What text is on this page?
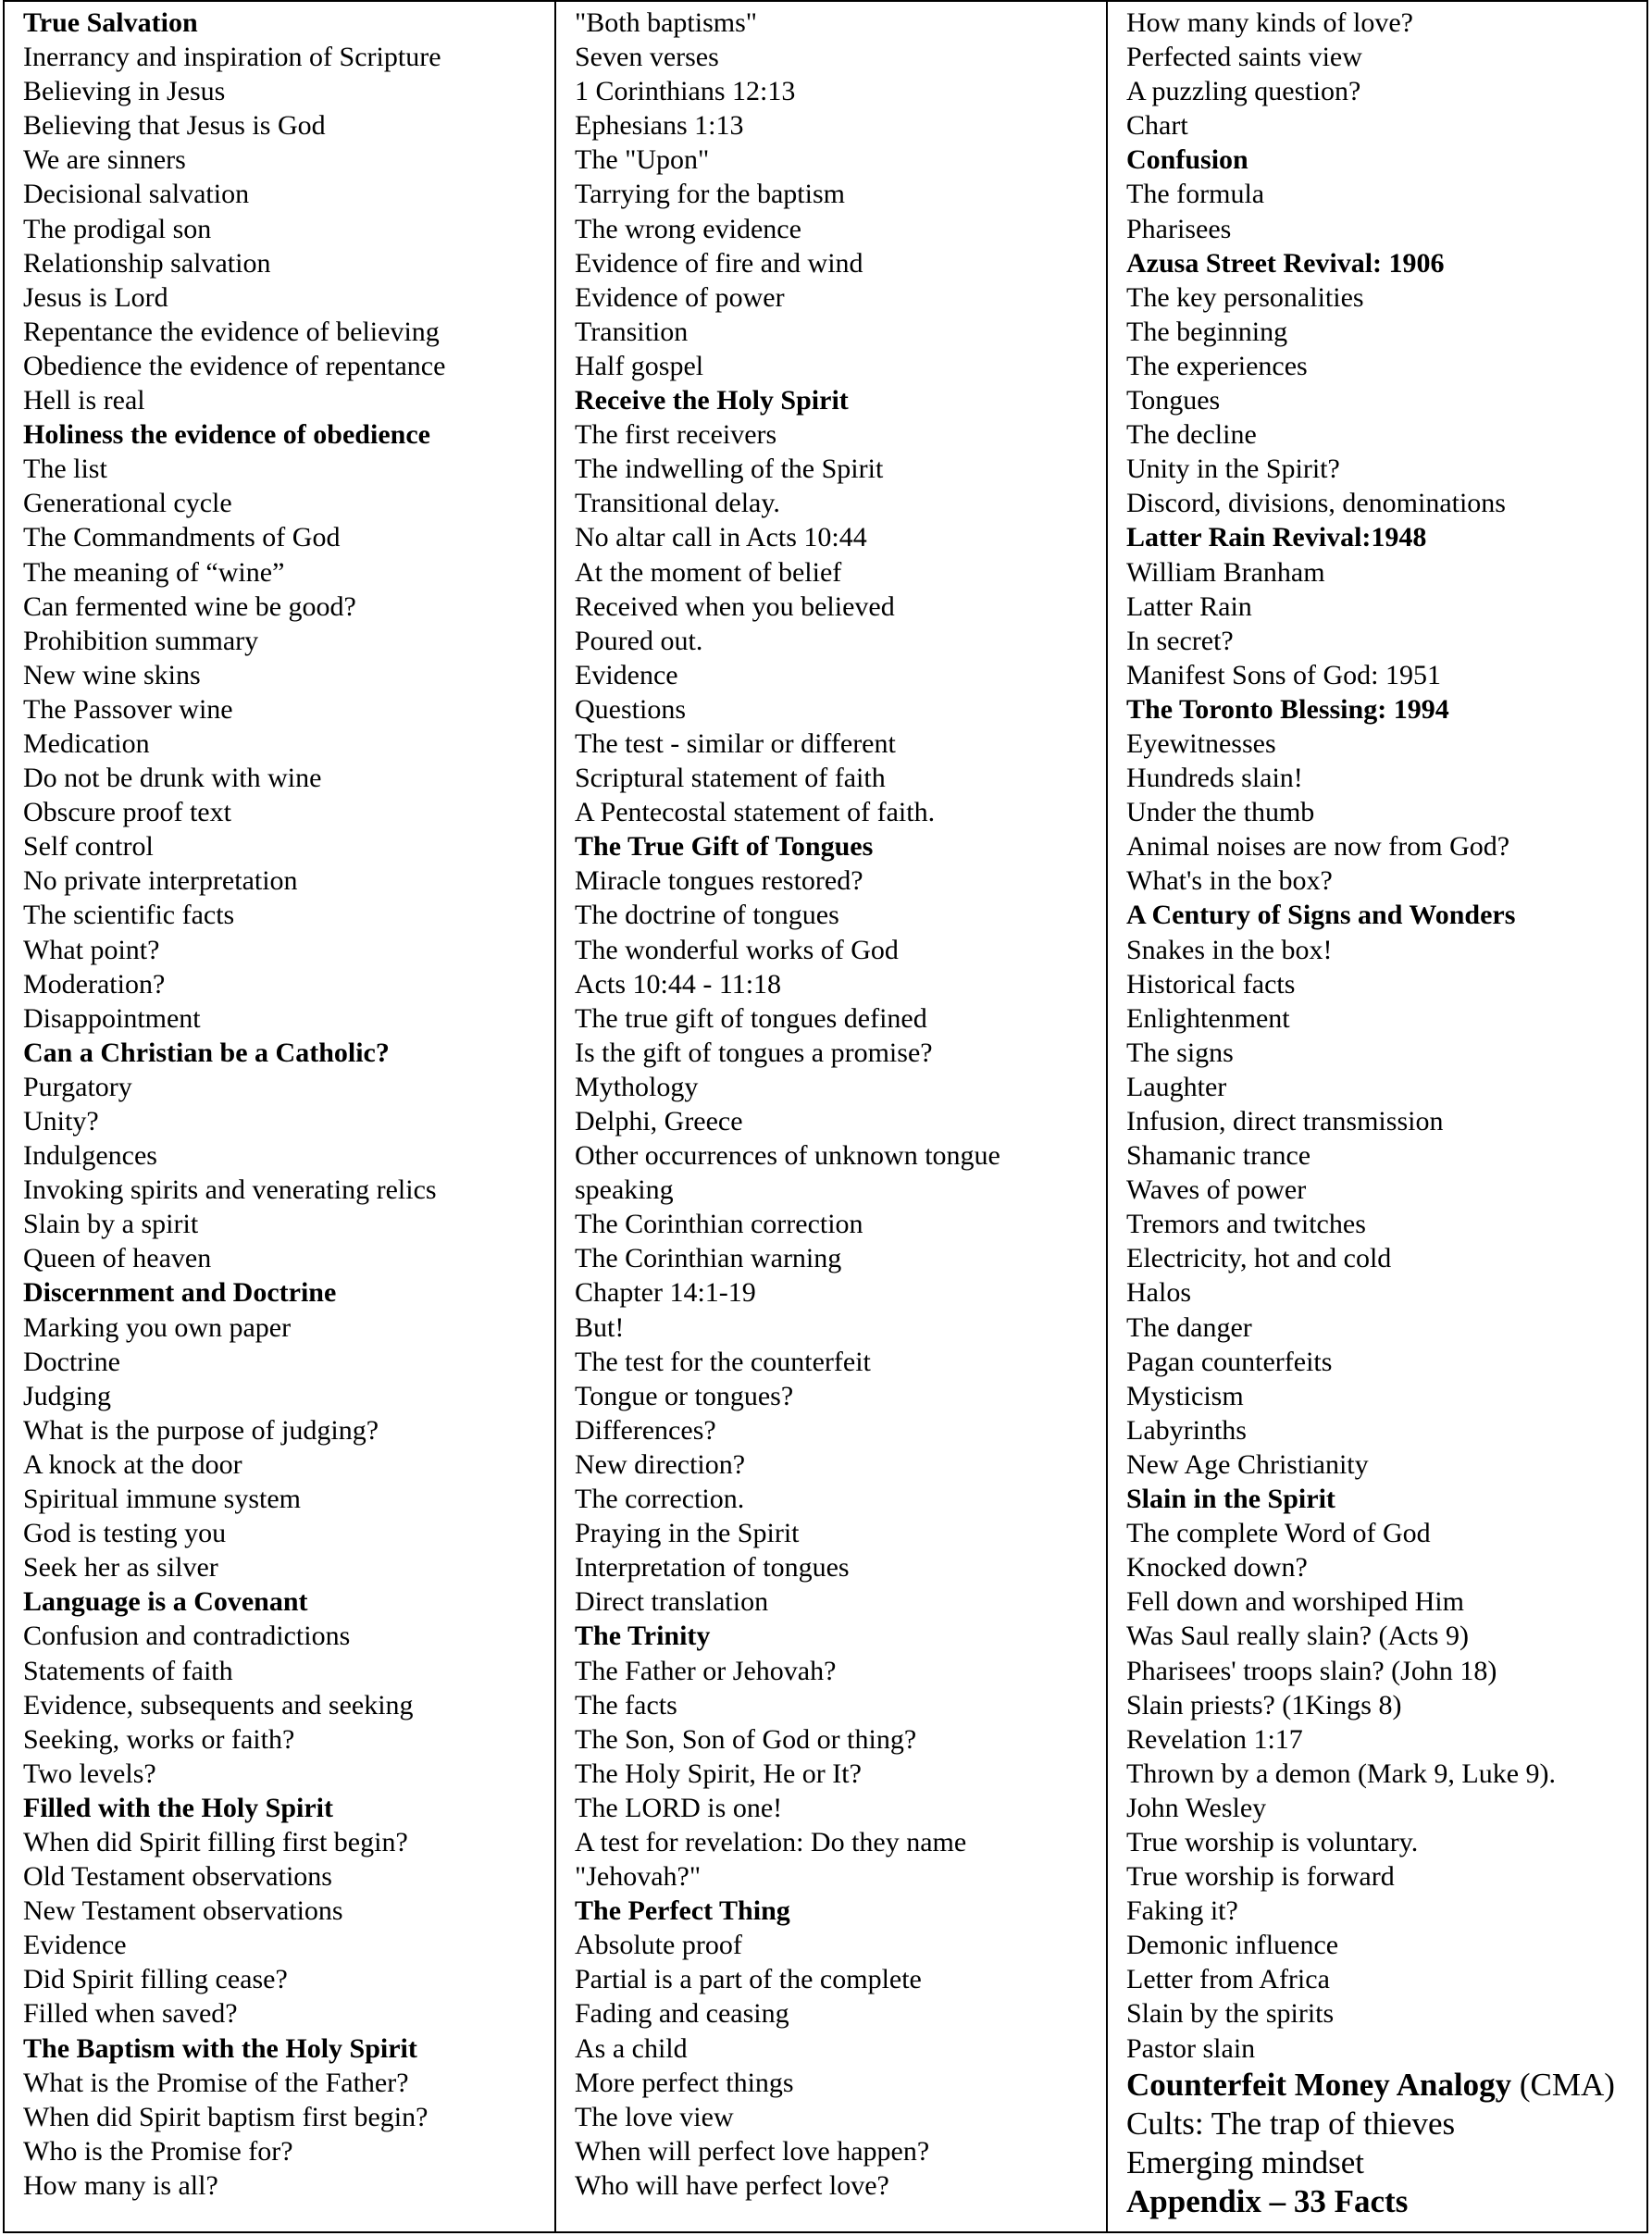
True Salvation
Inerrancy and inspiration of Scripture
Believing in Jesus
Believing that Jesus is God
We are sinners
Decisional salvation
The prodigal son
Relationship salvation
Jesus is Lord
Repentance the evidence of believing
Obedience the evidence of repentance
Hell is real
Holiness the evidence of obedience
The list
Generational cycle
The Commandments of God
The meaning of “wine”
Can fermented wine be good?
Prohibition summary
New wine skins
The Passover wine
Medication
Do not be drunk with wine
Obscure proof text
Self control
No private interpretation
The scientific facts
What point?
Moderation?
Disappointment
Can a Christian be a Catholic?
Purgatory
Unity?
Indulgences
Invoking spirits and venerating relics
Slain by a spirit
Queen of heaven
Discernment and Doctrine
Marking you own paper
Doctrine
Judging
What is the purpose of judging?
A knock at the door
Spiritual immune system
God is testing you
Seek her as silver
Language is a Covenant
Confusion and contradictions
Statements of faith
Evidence, subsequents and seeking
Seeking, works or faith?
Two levels?
Filled with the Holy Spirit
When did Spirit filling first begin?
Old Testament observations
New Testament observations
Evidence
Did Spirit filling cease?
Filled when saved?
The Baptism with the Holy Spirit
What is the Promise of the Father?
When did Spirit baptism first begin?
Who is the Promise for?
How many is all?
"Both baptisms"
Seven verses
1 Corinthians 12:13
Ephesians 1:13
The "Upon"
Tarrying for the baptism
The wrong evidence
Evidence of fire and wind
Evidence of power
Transition
Half gospel
Receive the Holy Spirit
The first receivers
The indwelling of the Spirit
Transitional delay.
No altar call in Acts 10:44
At the moment of belief
Received when you believed
Poured out.
Evidence
Questions
The test - similar or different
Scriptural statement of faith
A Pentecostal statement of faith.
The True Gift of Tongues
Miracle tongues restored?
The doctrine of tongues
The wonderful works of God
Acts 10:44 - 11:18
The true gift of tongues defined
Is the gift of tongues a promise?
Mythology
Delphi, Greece
Other occurrences of unknown tongue
speaking
The Corinthian correction
The Corinthian warning
Chapter 14:1-19
But!
The test for the counterfeit
Tongue or tongues?
Differences?
New direction?
The correction.
Praying in the Spirit
Interpretation of tongues
Direct translation
The Trinity
The Father or Jehovah?
The facts
The Son, Son of God or thing?
The Holy Spirit, He or It?
The LORD is one!
A test for revelation: Do they name
"Jehovah?"
The Perfect Thing
Absolute proof
Partial is a part of the complete
Fading and ceasing
As a child
More perfect things
The love view
When will perfect love happen?
Who will have perfect love?
How many kinds of love?
Perfected saints view
A puzzling question?
Chart
Confusion
The formula
Pharisees
Azusa Street Revival: 1906
The key personalities
The beginning
The experiences
Tongues
The decline
Unity in the Spirit?
Discord, divisions, denominations
Latter Rain Revival:1948
William Branham
Latter Rain
In secret?
Manifest Sons of God: 1951
The Toronto Blessing: 1994
Eyewitnesses
Hundreds slain!
Under the thumb
Animal noises are now from God?
What's in the box?
A Century of Signs and Wonders
Snakes in the box!
Historical facts
Enlightenment
The signs
Laughter
Infusion, direct transmission
Shamanic trance
Waves of power
Tremors and twitches
Electricity, hot and cold
Halos
The danger
Pagan counterfeits
Mysticism
Labyrinths
New Age Christianity
Slain in the Spirit
The complete Word of God
Knocked down?
Fell down and worshiped Him
Was Saul really slain? (Acts 9)
Pharisees' troops slain? (John 18)
Slain priests? (1Kings 8)
Revelation 1:17
Thrown by a demon (Mark 9, Luke 9).
John Wesley
True worship is voluntary.
True worship is forward
Faking it?
Demonic influence
Letter from Africa
Slain by the spirits
Pastor slain
Counterfeit Money Analogy (CMA)
Cults: The trap of thieves
Emerging mindset
Appendix – 33 Facts
